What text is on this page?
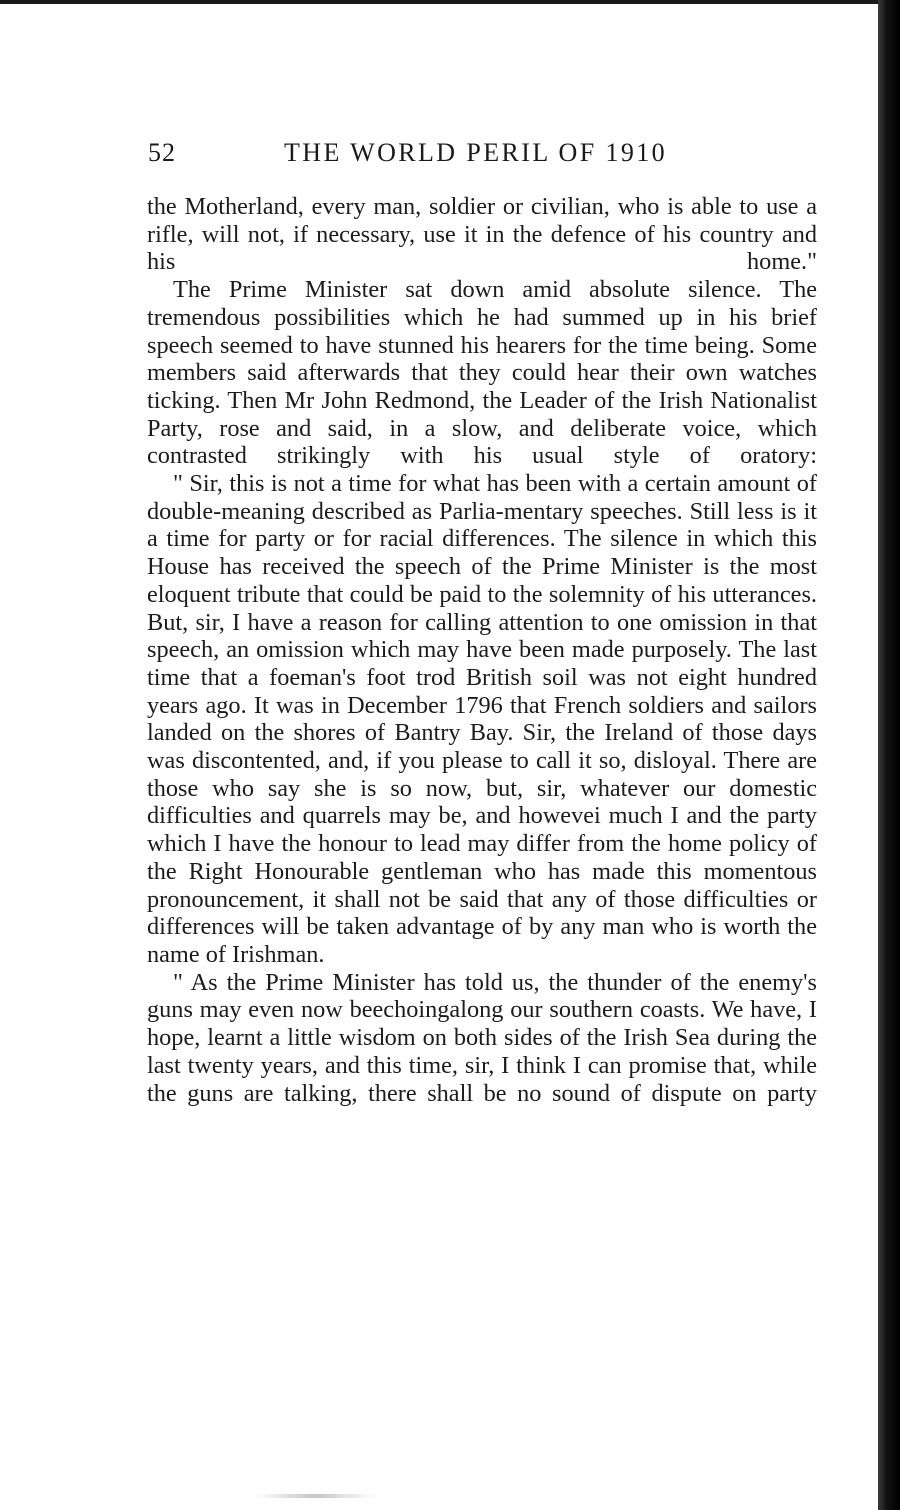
52	THE WORLD PERIL OF 1910

the Motherland, every man, soldier or civilian, who is able to use a rifle, will not, if necessary, use it in the defence of his country and his home."

The Prime Minister sat down amid absolute silence. The tremendous possibilities which he had summed up in his brief speech seemed to have stunned his hearers for the time being. Some members said afterwards that they could hear their own watches ticking. Then Mr John Redmond, the Leader of the Irish Nationalist Party, rose and said, in a slow, and deliberate voice, which contrasted strikingly with his usual style of oratory:

" Sir, this is not a time for what has been with a certain amount of double-meaning described as Parlia-mentary speeches. Still less is it a time for party or for racial differences. The silence in which this House has received the speech of the Prime Minister is the most eloquent tribute that could be paid to the solemnity of his utterances. But, sir, I have a reason for calling attention to one omission in that speech, an omission which may have been made purposely. The last time that a foeman's foot trod British soil was not eight hundred years ago. It was in December 1796 that French soldiers and sailors landed on the shores of Bantry Bay. Sir, the Ireland of those days was discontented, and, if you please to call it so, disloyal. There are those who say she is so now, but, sir, whatever our domestic difficulties and quarrels may be, and howevei much I and the party which I have the honour to lead may differ from the home policy of the Right Honourable gentleman who has made this momentous pronouncement, it shall not be said that any of those difficulties or differences will be taken advantage of by any man who is worth the name of Irishman.

" As the Prime Minister has told us, the thunder of the enemy's guns may even now beechoingalong our southern coasts. We have, I hope, learnt a little wisdom on both sides of the Irish Sea during the last twenty years, and this time, sir, I think I can promise that, while the guns are talking, there shall be no sound of dispute on party
